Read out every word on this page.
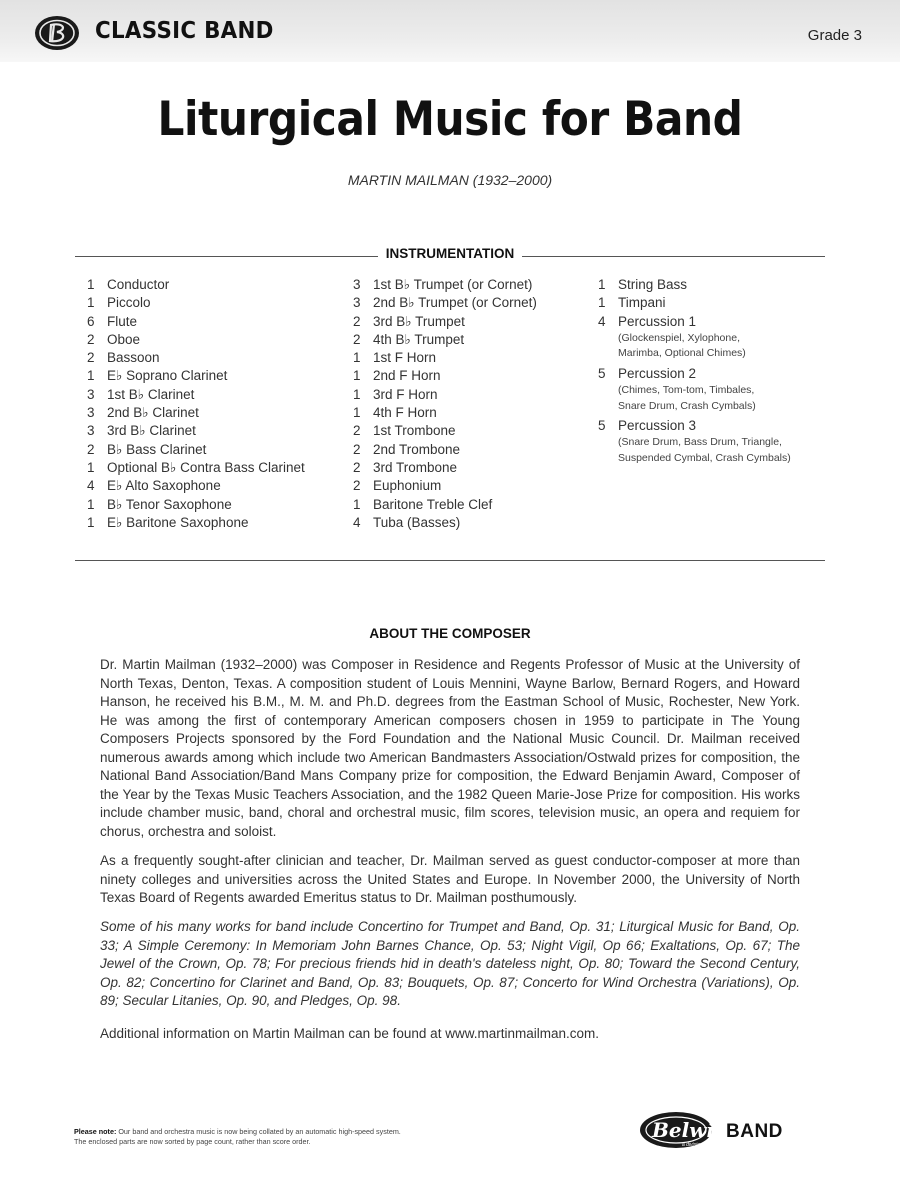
CLASSIC BAND	Grade 3
Liturgical Music for Band
MARTIN MAILMAN (1932–2000)
INSTRUMENTATION
1 Conductor
1 Piccolo
6 Flute
2 Oboe
2 Bassoon
1 E♭ Soprano Clarinet
3 1st B♭ Clarinet
3 2nd B♭ Clarinet
3 3rd B♭ Clarinet
2 B♭ Bass Clarinet
1 Optional B♭ Contra Bass Clarinet
4 E♭ Alto Saxophone
1 B♭ Tenor Saxophone
1 E♭ Baritone Saxophone
3 1st B♭ Trumpet (or Cornet)
3 2nd B♭ Trumpet (or Cornet)
2 3rd B♭ Trumpet
2 4th B♭ Trumpet
1 1st F Horn
1 2nd F Horn
1 3rd F Horn
1 4th F Horn
2 1st Trombone
2 2nd Trombone
2 3rd Trombone
2 Euphonium
1 Baritone Treble Clef
4 Tuba (Basses)
1 String Bass
1 Timpani
4 Percussion 1
(Glockenspiel, Xylophone,
Marimba, Optional Chimes)
5 Percussion 2
(Chimes, Tom-tom, Timbales,
Snare Drum, Crash Cymbals)
5 Percussion 3
(Snare Drum, Bass Drum, Triangle,
Suspended Cymbal, Crash Cymbals)
ABOUT THE COMPOSER

Dr. Martin Mailman (1932–2000) was Composer in Residence and Regents Professor of Music at the University of North Texas, Denton, Texas. A composition student of Louis Mennini, Wayne Barlow, Bernard Rogers, and Howard Hanson, he received his B.M., M. M. and Ph.D. degrees from the Eastman School of Music, Rochester, New York. He was among the first of contemporary American composers chosen in 1959 to participate in The Young Composers Projects sponsored by the Ford Foundation and the National Music Council. Dr. Mailman received numerous awards among which include two American Bandmasters Association/Ostwald prizes for composition, the National Band Association/Band Mans Company prize for composition, the Edward Benjamin Award, Composer of the Year by the Texas Music Teachers Association, and the 1982 Queen Marie-Jose Prize for composition. His works include chamber music, band, choral and orchestral music, film scores, television music, an opera and requiem for chorus, orchestra and soloist.

As a frequently sought-after clinician and teacher, Dr. Mailman served as guest conductor-composer at more than ninety colleges and universities across the United States and Europe. In November 2000, the University of North Texas Board of Regents awarded Emeritus status to Dr. Mailman posthumously.

Some of his many works for band include Concertino for Trumpet and Band, Op. 31; Liturgical Music for Band, Op. 33; A Simple Ceremony: In Memoriam John Barnes Chance, Op. 53; Night Vigil, Op 66; Exaltations, Op. 67; The Jewel of the Crown, Op. 78; For precious friends hid in death's dateless night, Op. 80; Toward the Second Century, Op. 82; Concertino for Clarinet and Band, Op. 83; Bouquets, Op. 87; Concerto for Wind Orchestra (Variations), Op. 89; Secular Litanies, Op. 90, and Pledges, Op. 98.

Additional information on Martin Mailman can be found at www.martinmailman.com.

Please note: Our band and orchestra music is now being collated by an automatic high-speed system.
The enclosed parts are now sorted by page count, rather than score order.	Belwin
BAND
a division of Alfred
